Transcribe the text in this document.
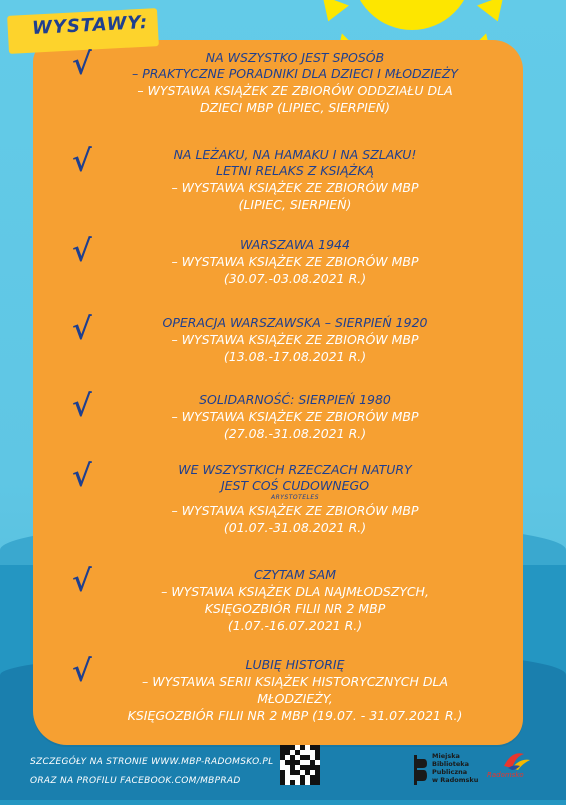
WYSTAWY:
√	NA WSZYSTKO JEST SPOSÓB
– PRAKTYCZNE PORADNIKI DLA DZIECI I MŁODZIEŻY
– WYSTAWA KSIĄŻEK ZE ZBIORÓW ODDZIAŁU DLA
DZIECI MBP (LIPIEC, SIERPIEŃ)
√	NA LEŻAKU, NA HAMAKU I NA SZLAKU!
LETNI RELAKS Z KSIĄŻKĄ
– WYSTAWA KSIĄŻEK ZE ZBIORÓW MBP
(LIPIEC, SIERPIEŃ)
√	WARSZAWA 1944
– WYSTAWA KSIĄŻEK ZE ZBIORÓW MBP
(30.07.-03.08.2021 R.)
√	OPERACJA WARSZAWSKA – SIERPIEŃ 1920
– WYSTAWA KSIĄŻEK ZE ZBIORÓW MBP
(13.08.-17.08.2021 R.)
√	SOLIDARNOŚĆ: SIERPIEŃ 1980
– WYSTAWA KSIĄŻEK ZE ZBIORÓW MBP
(27.08.-31.08.2021 R.)
√	WE WSZYSTKICH RZECZACH NATURY
JEST COŚ CUDOWNEGO
ARYSTOTELES
– WYSTAWA KSIĄŻEK ZE ZBIORÓW MBP
(01.07.-31.08.2021 R.)
√	CZYTAM SAM
– WYSTAWA KSIĄŻEK DLA NAJMŁODSZYCH,
KSIĘGOZBIÓR FILII NR 2 MBP
(1.07.-16.07.2021 R.)
√	LUBIĘ HISTORIĘ
– WYSTAWA SERII KSIĄŻEK HISTORYCZNYCH DLA
MŁODZIEŻY,
KSIĘGOZBIÓR FILII NR 2 MBP (19.07. - 31.07.2021 R.)
SZCZEGÓŁY NA STRONIE WWW.MBP-RADOMSKO.PL
ORAZ NA PROFILU FACEBOOK.COM/MBPRAD
Miejska
Biblioteka
Publiczna
w Radomsku
Radomsko
